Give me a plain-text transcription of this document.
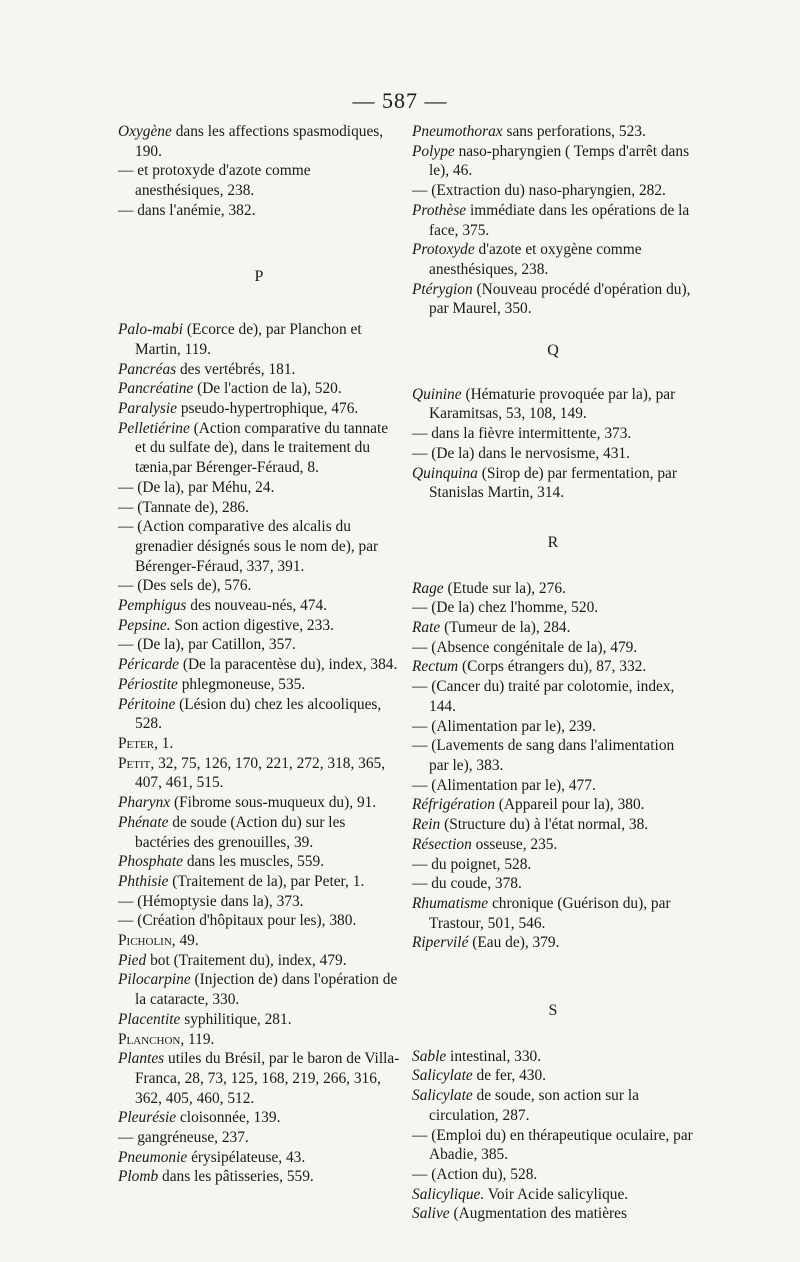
— 587 —

Oxygène dans les affections spasmodiques, 190.

— et protoxyde d'azote comme anesthésiques, 238.

— dans l'anémie, 382.

P

Palo-mabi (Ecorce de), par Planchon et Martin, 119.

Pancréas des vertébrés, 181.

Pancréatine (De l'action de la), 520.

Paralysie pseudo-hypertrophique, 476.

Pelletiérine (Action comparative du tannate et du sulfate de), dans le traitement du tænia,par Bérenger-Féraud, 8.

— (De la), par Méhu, 24.

— (Tannate de), 286.

— (Action comparative des alcalis du grenadier désignés sous le nom de), par Bérenger-Féraud, 337, 391.

— (Des sels de), 576.

Pemphigus des nouveau-nés, 474.

Pepsine. Son action digestive, 233.

— (De la), par Catillon, 357.

Péricarde (De la paracentèse du), index, 384.

Périostite phlegmoneuse, 535.

Péritoine (Lésion du) chez les alcooliques, 528.

Peter, 1.

Petit, 32, 75, 126, 170, 221, 272, 318, 365, 407, 461, 515.

Pharynx (Fibrome sous-muqueux du), 91.

Phénate de soude (Action du) sur les bactéries des grenouilles, 39.

Phosphate dans les muscles, 559.

Phthisie (Traitement de la), par Peter, 1.

— (Hémoptysie dans la), 373.

— (Création d'hôpitaux pour les), 380.

Picholin, 49.

Pied bot (Traitement du), index, 479.

Pilocarpine (Injection de) dans l'opération de la cataracte, 330.

Placentite syphilitique, 281.

Planchon, 119.

Plantes utiles du Brésil, par le baron de Villa-Franca, 28, 73, 125, 168, 219, 266, 316, 362, 405, 460, 512.

Pleurésie cloisonnée, 139.

— gangréneuse, 237.

Pneumonie érysipélateuse, 43.

Plomb dans les pâtisseries, 559.

Pneumothorax sans perforations, 523.

Polype naso-pharyngien ( Temps d'arrêt dans le), 46.

— (Extraction du) naso-pharyngien, 282.

Prothèse immédiate dans les opérations de la face, 375.

Protoxyde d'azote et oxygène comme anesthésiques, 238.

Ptérygion (Nouveau procédé d'opération du), par Maurel, 350.

Q

Quinine (Hématurie provoquée par la), par Karamitsas, 53, 108, 149.

— dans la fièvre intermittente, 373.

— (De la) dans le nervosisme, 431.

Quinquina (Sirop de) par fermentation, par Stanislas Martin, 314.

R

Rage (Etude sur la), 276.

— (De la) chez l'homme, 520.

Rate (Tumeur de la), 284.

— (Absence congénitale de la), 479.

Rectum (Corps étrangers du), 87, 332.

— (Cancer du) traité par colotomie, index, 144.

— (Alimentation par le), 239.

— (Lavements de sang dans l'alimentation par le), 383.

— (Alimentation par le), 477.

Réfrigération (Appareil pour la), 380.

Rein (Structure du) à l'état normal, 38.

Résection osseuse, 235.

— du poignet, 528.

— du coude, 378.

Rhumatisme chronique (Guérison du), par Trastour, 501, 546.

Ripervilé (Eau de), 379.

S

Sable intestinal, 330.

Salicylate de fer, 430.

Salicylate de soude, son action sur la circulation, 287.

— (Emploi du) en thérapeutique oculaire, par Abadie, 385.

— (Action du), 528.

Salicylique. Voir Acide salicylique.

Salive (Augmentation des matières
